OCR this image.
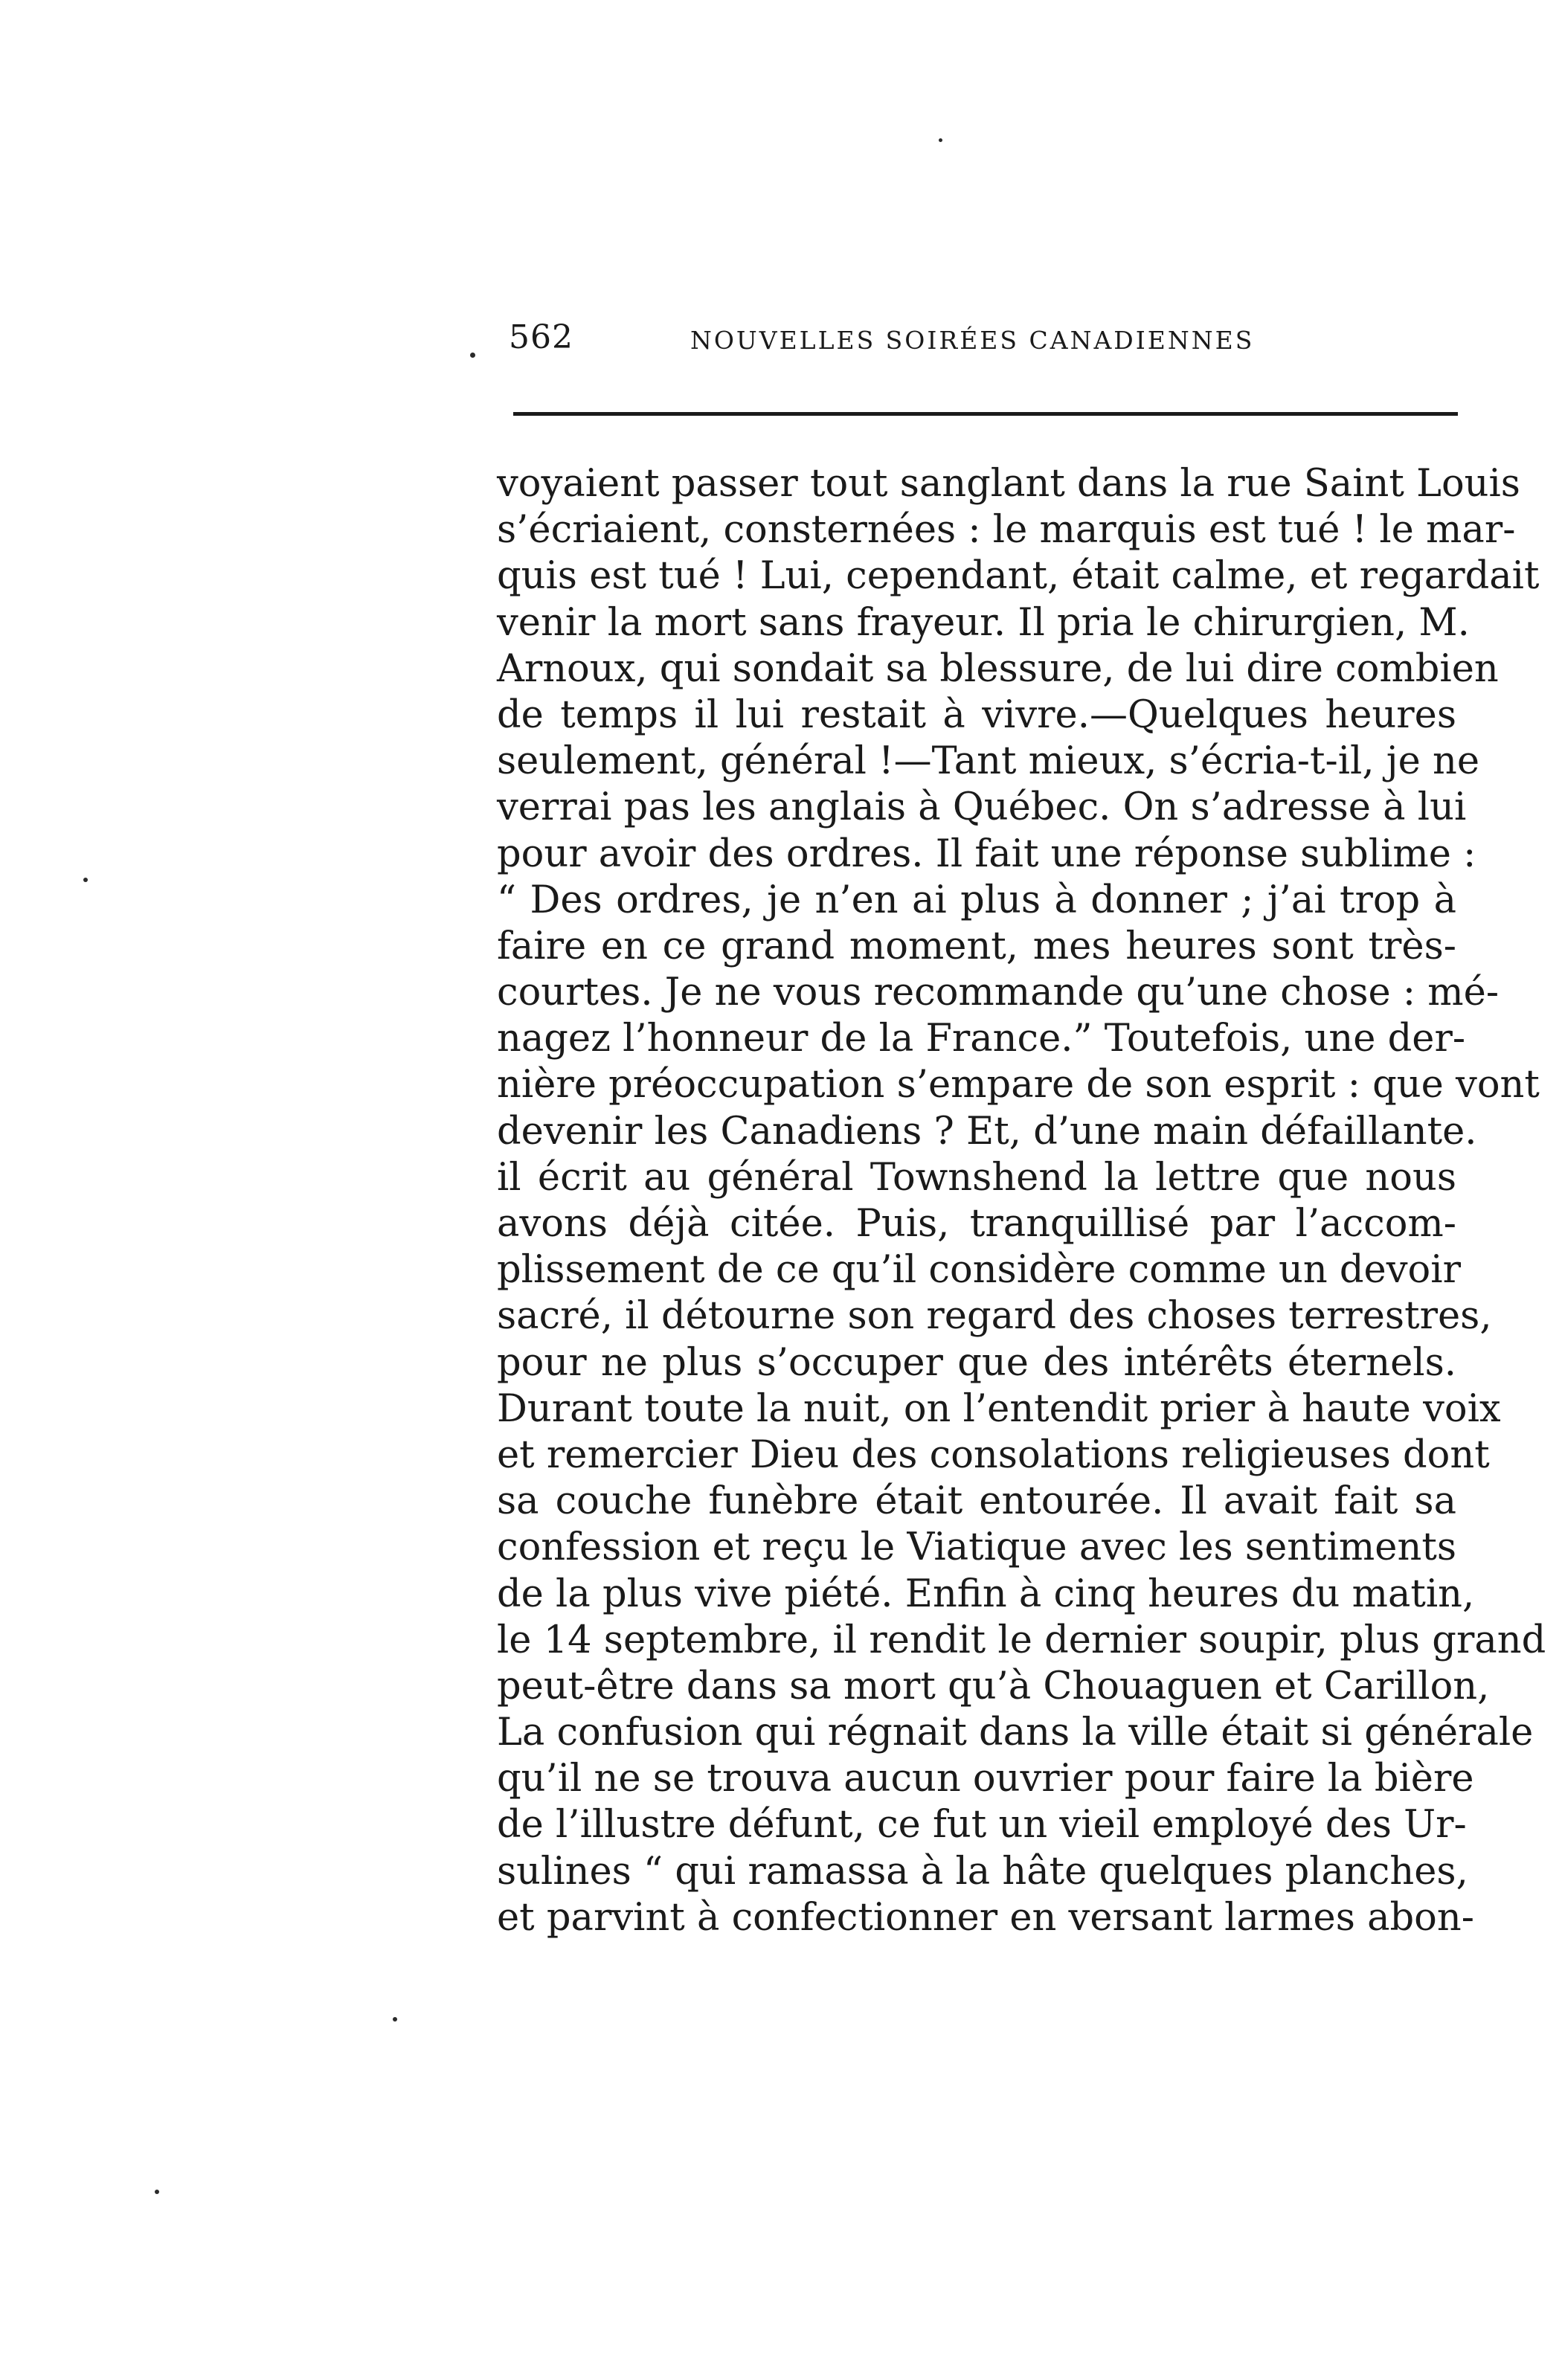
562	NOUVELLES SOIRÉES CANADIENNES
voyaient passer tout sanglant dans la rue Saint Louis
s’écriaient, consternées : le marquis est tué ! le mar-
quis est tué ! Lui, cependant, était calme, et regardait
venir la mort sans frayeur. Il pria le chirurgien, M.
Arnoux, qui sondait sa blessure, de lui dire combien
de temps il lui restait à vivre.—Quelques heures
seulement, général !—Tant mieux, s’écria-t-il, je ne
verrai pas les anglais à Québec. On s’adresse à lui
pour avoir des ordres. Il fait une réponse sublime :
“ Des ordres, je n’en ai plus à donner ; j’ai trop à
faire en ce grand moment, mes heures sont très-
courtes. Je ne vous recommande qu’une chose : mé-
nagez l’honneur de la France.” Toutefois, une der-
nière préoccupation s’empare de son esprit : que vont
devenir les Canadiens ? Et, d’une main défaillante.
il écrit au général Townshend la lettre que nous
avons déjà citée. Puis, tranquillisé par l’accom-
plissement de ce qu’il considère comme un devoir
sacré, il détourne son regard des choses terrestres,
pour ne plus s’occuper que des intérêts éternels.
Durant toute la nuit, on l’entendit prier à haute voix
et remercier Dieu des consolations religieuses dont
sa couche funèbre était entourée. Il avait fait sa
confession et reçu le Viatique avec les sentiments
de la plus vive piété. Enfin à cinq heures du matin,
le 14 septembre, il rendit le dernier soupir, plus grand
peut-être dans sa mort qu’à Chouaguen et Carillon,
La confusion qui régnait dans la ville était si générale
qu’il ne se trouva aucun ouvrier pour faire la bière
de l’illustre défunt, ce fut un vieil employé des Ur-
sulines “ qui ramassa à la hâte quelques planches,
et parvint à confectionner en versant larmes abon-
